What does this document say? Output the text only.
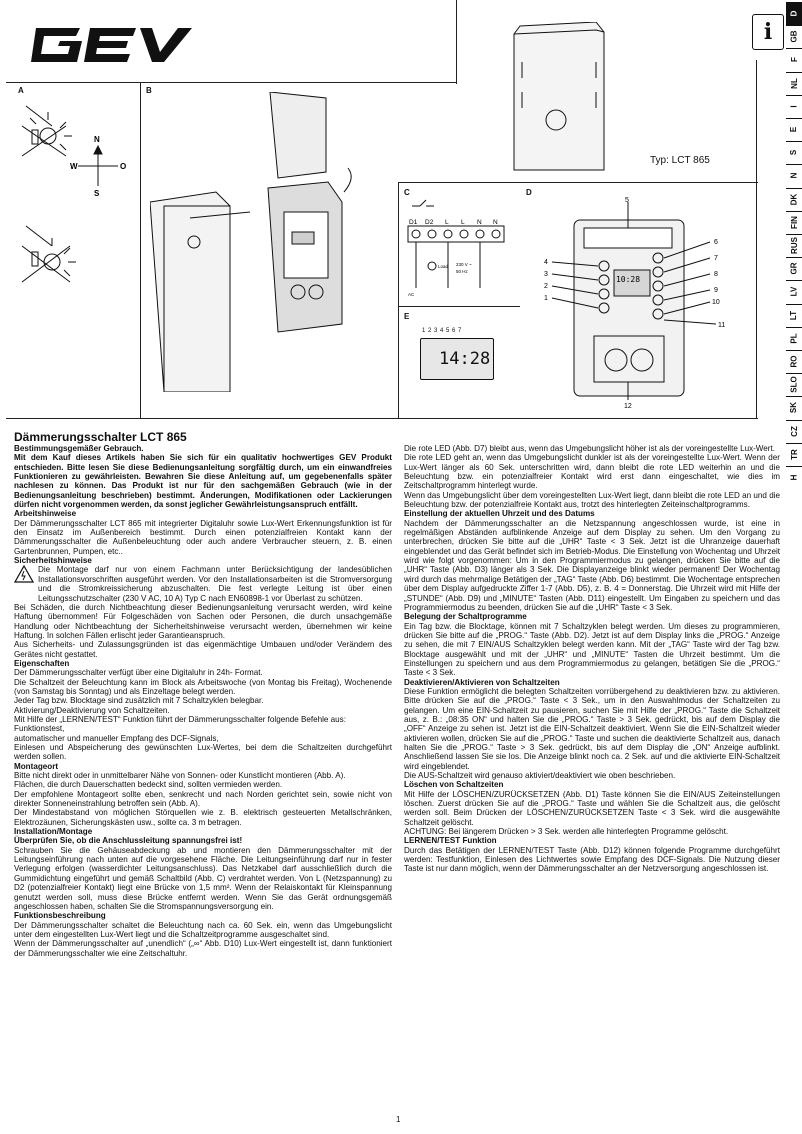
GEV
i
D
GB
F
NL
I
E
S
N
DK
FIN
RUS
GR
LV
LT
PL
RO
SLO
SK
CZ
TR
H
A
N
W	O
S
B
Typ: LCT 865
C
D1 D2 L L N N
Load 230 V ~
50 Hz
AC
D
10:28
5
6
7
8
9
10
11
12
4
3
2
1
E
1 2 3 4 5 6 7
14:28

Dämmerungsschalter LCT 865

Bestimmungsgemäßer Gebrauch.

Mit dem Kauf dieses Artikels haben Sie sich für ein qualitativ hochwertiges GEV Produkt entschieden. Bitte lesen Sie diese Bedienungsanleitung sorgfältig durch, um ein einwandfreies Funktionieren zu gewährleisten. Bewahren Sie diese Anleitung auf, um gegebenenfalls später nachlesen zu können. Das Produkt ist nur für den sachgemäßen Gebrauch (wie in der Bedienungsanleitung beschrieben) bestimmt. Änderungen, Modifikationen oder Lackierungen dürfen nicht vorgenommen werden, da sonst jeglicher Gewährleistungsanspruch entfällt.

Arbeitshinweise

Der Dämmerungsschalter LCT 865 mit integrierter Digitaluhr sowie Lux-Wert Erkennungsfunktion ist für den Einsatz im Außenbereich bestimmt. Durch einen potenzialfreien Kontakt kann der Dämmerungsschalter die Außenbeleuchtung oder auch andere Verbraucher steuern, z. B. einen Gartenbrunnen, Pumpen, etc..

Sicherheitshinweise

Die Montage darf nur von einem Fachmann unter Berücksichtigung der landesüblichen Installationsvorschriften ausgeführt werden. Vor den Installationsarbeiten ist die Stromversorgung und die Stromkreissicherung abzuschalten. Die fest verlegte Leitung ist über einen Leitungsschutzschalter (230 V AC, 10 A) Typ C nach EN60898-1 vor Überlast zu schützen.

Bei Schäden, die durch Nichtbeachtung dieser Bedienungsanleitung verursacht werden, wird keine Haftung übernommen! Für Folgeschäden von Sachen oder Personen, die durch unsachgemäße Handlung oder Nichtbeachtung der Sicherheitshinweise verursacht werden, übernehmen wir keine Haftung. In solchen Fällen erlischt jeder Garantieanspruch.

Aus Sicherheits- und Zulassungsgründen ist das eigenmächtige Umbauen und/oder Verändern des Gerätes nicht gestattet.

Eigenschaften

Der Dämmerungsschalter verfügt über eine Digitaluhr in 24h- Format.

Die Schaltzeit der Beleuchtung kann im Block als Arbeitswoche (von Montag bis Freitag), Wochenende (von Samstag bis Sonntag) und als Einzeltage belegt werden.

Jeder Tag bzw. Blocktage sind zusätzlich mit 7 Schaltzyklen belegbar.

Aktivierung/Deaktivierung von Schaltzeiten.

Mit Hilfe der „LERNEN/TEST“ Funktion führt der Dämmerungsschalter folgende Befehle aus:

Funktionstest,

automatischer und manueller Empfang des DCF-Signals,

Einlesen und Abspeicherung des gewünschten Lux-Wertes, bei dem die Schaltzeiten durchgeführt werden sollen.

Montageort

Bitte nicht direkt oder in unmittelbarer Nähe von Sonnen- oder Kunstlicht montieren (Abb. A).

Flächen, die durch Dauerschatten bedeckt sind, sollten vermieden werden.

Der empfohlene Montageort sollte eben, senkrecht und nach Norden gerichtet sein, sowie nicht von direkter Sonneneinstrahlung betroffen sein (Abb. A).

Der Mindestabstand von möglichen Störquellen wie z. B. elektrisch gesteuerten Metallschränken, Elektrozäunen, Sicherungskästen usw., sollte ca. 3 m betragen.

Installation/Montage

Überprüfen Sie, ob die Anschlussleitung spannungsfrei ist!

Schrauben Sie die Gehäuseabdeckung ab und montieren den Dämmerungsschalter mit der Leitungseinführung nach unten auf die vorgesehene Fläche. Die Leitungseinführung darf nur in fester Verlegung erfolgen (wasserdichter Leitungsanschluss). Das Netzkabel darf ausschließlich durch die Gummidichtung eingeführt und gemäß Schaltbild (Abb. C) verdrahtet werden. Von L (Netzspannung) zu D2 (potenzialfreier Kontakt) liegt eine Brücke von 1,5 mm². Wenn der Relaiskontakt für Kleinspannung genutzt werden soll, muss diese Brücke entfernt werden. Wenn Sie das Gerät ordnungsgemäß angeschlossen haben, schalten Sie die Stromspannungsversorgung ein.

Funktionsbeschreibung

Der Dämmerungsschalter schaltet die Beleuchtung nach ca. 60 Sek. ein, wenn das Umgebungslicht unter dem eingestellten Lux-Wert liegt und die Schaltzeitprogramme ausgeschaltet sind.

Wenn der Dämmerungsschalter auf „unendlich“ („∞“ Abb. D10) Lux-Wert eingestellt ist, dann funktioniert der Dämmerungsschalter wie eine Zeitschaltuhr.

Die rote LED (Abb. D7) bleibt aus, wenn das Umgebungslicht höher ist als der voreingestellte Lux-Wert.

Die rote LED geht an, wenn das Umgebungslicht dunkler ist als der voreingestellte Lux-Wert. Wenn der Lux-Wert länger als 60 Sek. unterschritten wird, dann bleibt die rote LED weiterhin an und die Beleuchtung bzw. ein potenzialfreier Kontakt wird erst dann eingeschaltet, wie dies im Zeitschaltprogramm hinterlegt wurde.

Wenn das Umgebungslicht über dem voreingestellten Lux-Wert liegt, dann bleibt die rote LED an und die Beleuchtung bzw. der potenzialfreie Kontakt aus, trotzt des hinterlegten Zeiteinschaltprogramms.

Einstellung der aktuellen Uhrzeit und des Datums

Nachdem der Dämmerungsschalter an die Netzspannung angeschlossen wurde, ist eine in regelmäßigen Abständen aufblinkende Anzeige auf dem Display zu sehen. Um den Vorgang zu unterbrechen, drücken Sie bitte auf die „UHR“ Taste < 3 Sek. Jetzt ist die Uhranzeige dauerhaft eingeblendet und das Gerät befindet sich im Betrieb-Modus. Die Einstellung von Wochentag und Uhrzeit wird wie folgt vorgenommen: Um in den Programmiermodus zu gelangen, drücken Sie bitte auf die „UHR“ Taste (Abb. D3) länger als 3 Sek. Die Displayanzeige blinkt wieder permanent! Der Wochentag wird durch das mehrmalige Betätigen der „TAG“ Taste (Abb. D6) bestimmt. Die Wochentage entsprechen über dem Display aufgedruckte Ziffer 1-7 (Abb. D5), z. B. 4 = Donnerstag. Die Uhrzeit wird mit Hilfe der „STUNDE“ (Abb. D9) und „MINUTE“ Tasten (Abb. D11) eingestellt. Um Eingaben zu speichern und das Programmiermodus zu beenden, drücken Sie auf die „UHR“ Taste < 3 Sek.

Belegung der Schaltprogramme

Ein Tag bzw. die Blocktage, können mit 7 Schaltzyklen belegt werden. Um dieses zu programmieren, drücken Sie bitte auf die „PROG.“ Taste (Abb. D2). Jetzt ist auf dem Display links die „PROG.“ Anzeige zu sehen, die mit 7 EIN/AUS Schaltzyklen belegt werden kann. Mit der „TAG“ Taste wird der Tag bzw. Blocktage ausgewählt und mit der „UHR“ und „MINUTE“ Tasten die Uhrzeit bestimmt. Um die Einstellungen zu speichern und aus dem Programmiermodus zu gelangen, betätigen Sie die „PROG.“ Taste < 3 Sek.

Deaktivieren/Aktivieren von Schaltzeiten

Diese Funktion ermöglicht die belegten Schaltzeiten vorrübergehend zu deaktivieren bzw. zu aktivieren. Bitte drücken Sie auf die „PROG.“ Taste < 3 Sek., um in den Auswahlmodus der Schaltzeiten zu gelangen. Um eine EIN-Schaltzeit zu pausieren, suchen Sie mit Hilfe der „PROG.“ Taste die Schaltzeit aus, z. B.: „08:35 ON“ und halten Sie die „PROG.“ Taste > 3 Sek. gedrückt, bis auf dem Display die „OFF“ Anzeige zu sehen ist. Jetzt ist die EIN-Schaltzeit deaktiviert. Wenn Sie die EIN-Schaltzeit wieder aktivieren wollen, drücken Sie auf die „PROG.“ Taste und suchen die deaktivierte Schaltzeit aus, danach halten Sie die „PROG.“ Taste > 3 Sek. gedrückt, bis auf dem Display die „ON“ Anzeige aufblinkt. Anschließend lassen Sie sie los. Die Anzeige blinkt noch ca. 2 Sek. auf und die aktivierte EIN-Schaltzeit wird eingeblendet.

Die AUS-Schaltzeit wird genauso aktiviert/deaktiviert wie oben beschrieben.

Löschen von Schaltzeiten

Mit Hilfe der LÖSCHEN/ZURÜCKSETZEN (Abb. D1) Taste können Sie die EIN/AUS Zeiteinstellungen löschen. Zuerst drücken Sie auf die „PROG.“ Taste und wählen Sie die Schaltzeit aus, die gelöscht werden soll. Beim Drücken der LÖSCHEN/ZURÜCKSETZEN Taste < 3 Sek. wird die ausgewählte Schaltzeit gelöscht.

ACHTUNG: Bei längerem Drücken > 3 Sek. werden alle hinterlegten Programme gelöscht.

LERNEN/TEST Funktion

Durch das Betätigen der LERNEN/TEST Taste (Abb. D12) können folgende Programme durchgeführt werden: Testfunktion, Einlesen des Lichtwertes sowie Empfang des DCF-Signals. Die Nutzung dieser Taste ist nur dann möglich, wenn der Dämmerungsschalter an der Netzversorgung angeschlossen ist.

1
